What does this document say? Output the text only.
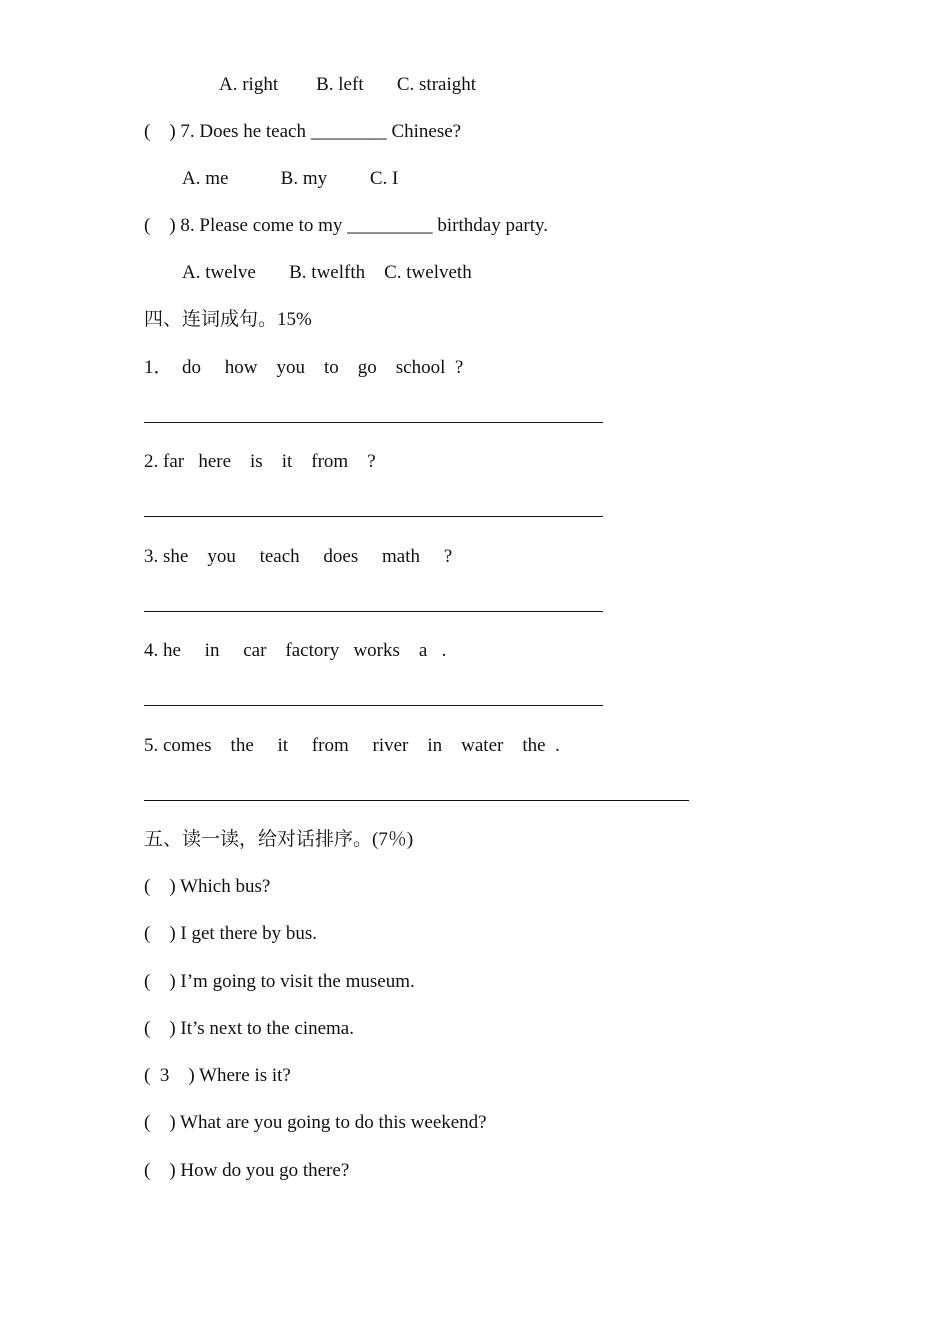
A. right        B. left       C. straight
(    ) 7. Does he teach ________ Chinese?
A. me           B. my         C. I
(    ) 8. Please come to my _________ birthday party.
A. twelve       B. twelfth    C. twelveth
四、连词成句。15%
1．  do     how    you    to    go    school  ?
2. far   here    is    it    from    ?
3. she    you     teach     does     math     ?
4. he     in     car    factory   works    a   .
5. comes    the     it     from     river    in    water    the  .
五、读一读，给对话排序。(7％)
(    ) Which bus?
(    ) I get there by bus.
(    ) I’m going to visit the museum.
(    ) It’s next to the cinema.
(  3    ) Where is it?
(    ) What are you going to do this weekend?
(    ) How do you go there?
